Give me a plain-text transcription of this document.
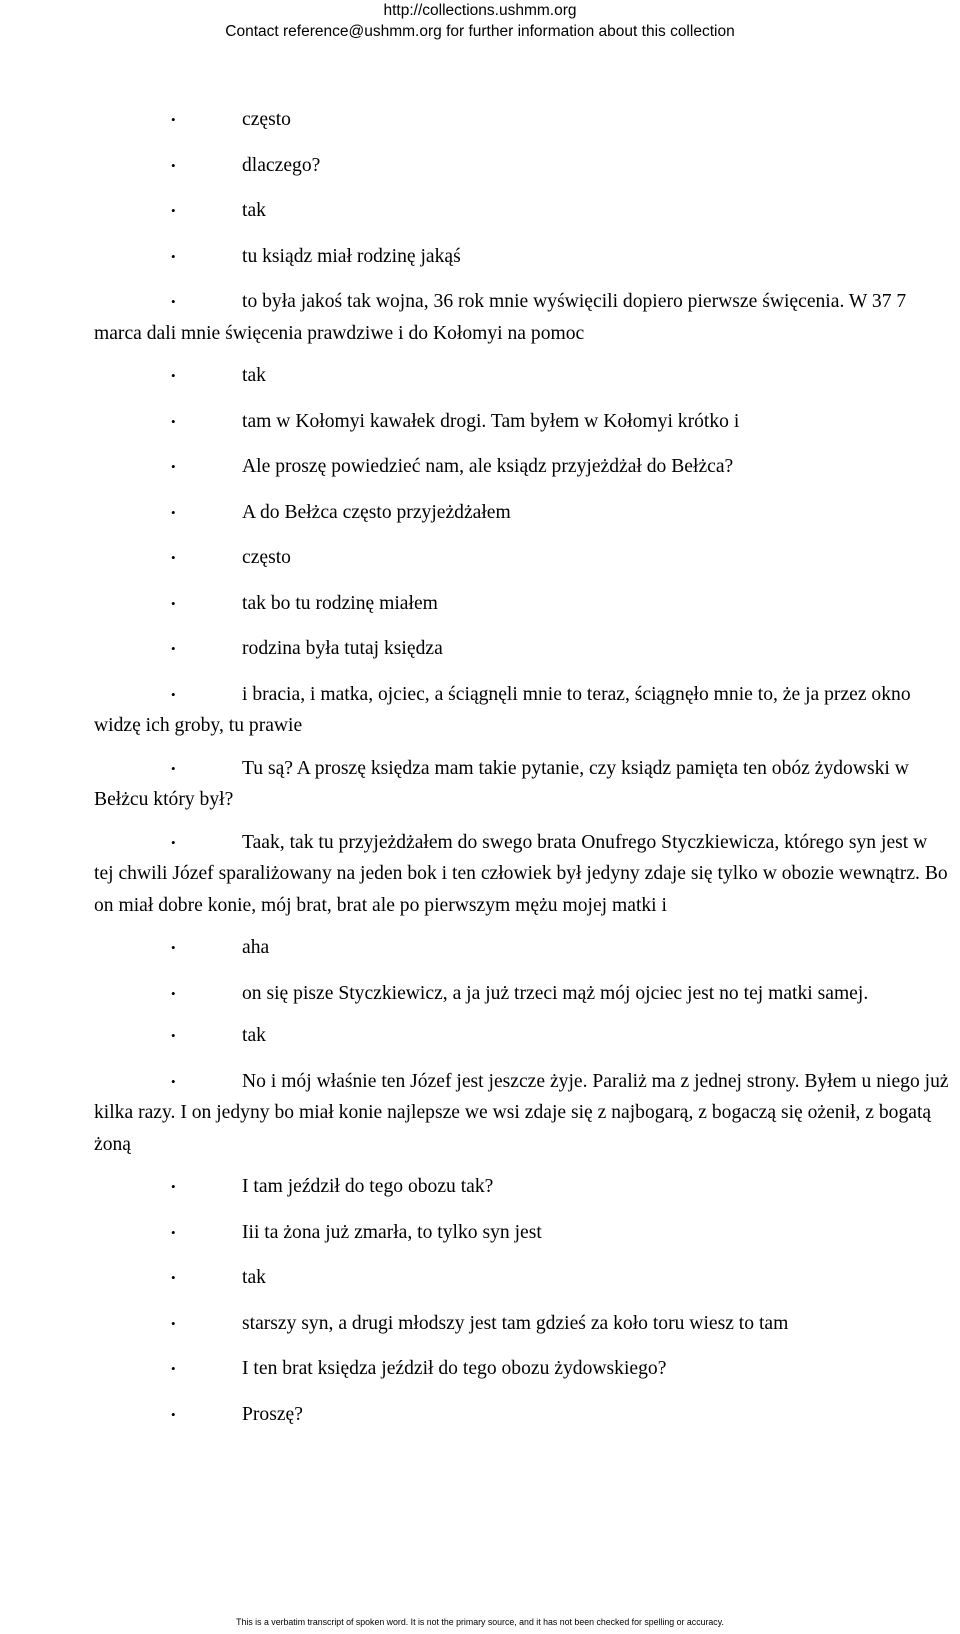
http://collections.ushmm.org
Contact reference@ushmm.org for further information about this collection
•	często
•	dlaczego?
•	tak
•	tu ksiądz miał rodzinę jakąś
•	to była jakoś tak wojna, 36 rok mnie wyświęcili dopiero pierwsze święcenia. W 37 7 marca dali mnie święcenia prawdziwe i do Kołomyi na pomoc
•	tak
•	tam w Kołomyi kawałek drogi. Tam byłem w Kołomyi krótko i
•	Ale proszę powiedzieć nam, ale ksiądz przyjeżdżał do Bełżca?
•	A do Bełżca często przyjeżdżałem
•	często
•	tak bo tu rodzinę miałem
•	rodzina była tutaj księdza
•	i bracia, i matka, ojciec, a ściągnęli mnie to teraz, ściągnęło mnie to, że ja przez okno widzę ich groby, tu prawie
•	Tu są? A proszę księdza mam takie pytanie, czy ksiądz pamięta ten obóz żydowski w Bełżcu który był?
•	Taak, tak tu przyjeżdżałem do swego brata Onufrego Styczkiewicza, którego syn jest w tej chwili Józef sparaliżowany na jeden bok i ten człowiek był jedyny zdaje się tylko w obozie wewnątrz. Bo on miał dobre konie, mój brat, brat ale po pierwszym mężu mojej matki i
•	aha
•	on się pisze Styczkiewicz, a ja już trzeci mąż mój ojciec jest no tej matki samej.
•	tak
•	No i mój właśnie ten Józef jest jeszcze żyje. Paraliż ma z jednej strony. Byłem u niego już kilka razy. I on jedyny bo miał konie najlepsze we wsi zdaje się z najbogarą, z bogaczą się ożenił, z bogatą żoną
•	I tam jeździł do tego obozu tak?
•	Iii ta żona już zmarła, to tylko syn jest
•	tak
•	starszy syn, a drugi młodszy jest tam gdzieś za koło toru wiesz to tam
•	I ten brat księdza jeździł do tego obozu żydowskiego?
•	Proszę?
This is a verbatim transcript of spoken word. It is not the primary source, and it has not been checked for spelling or accuracy.
